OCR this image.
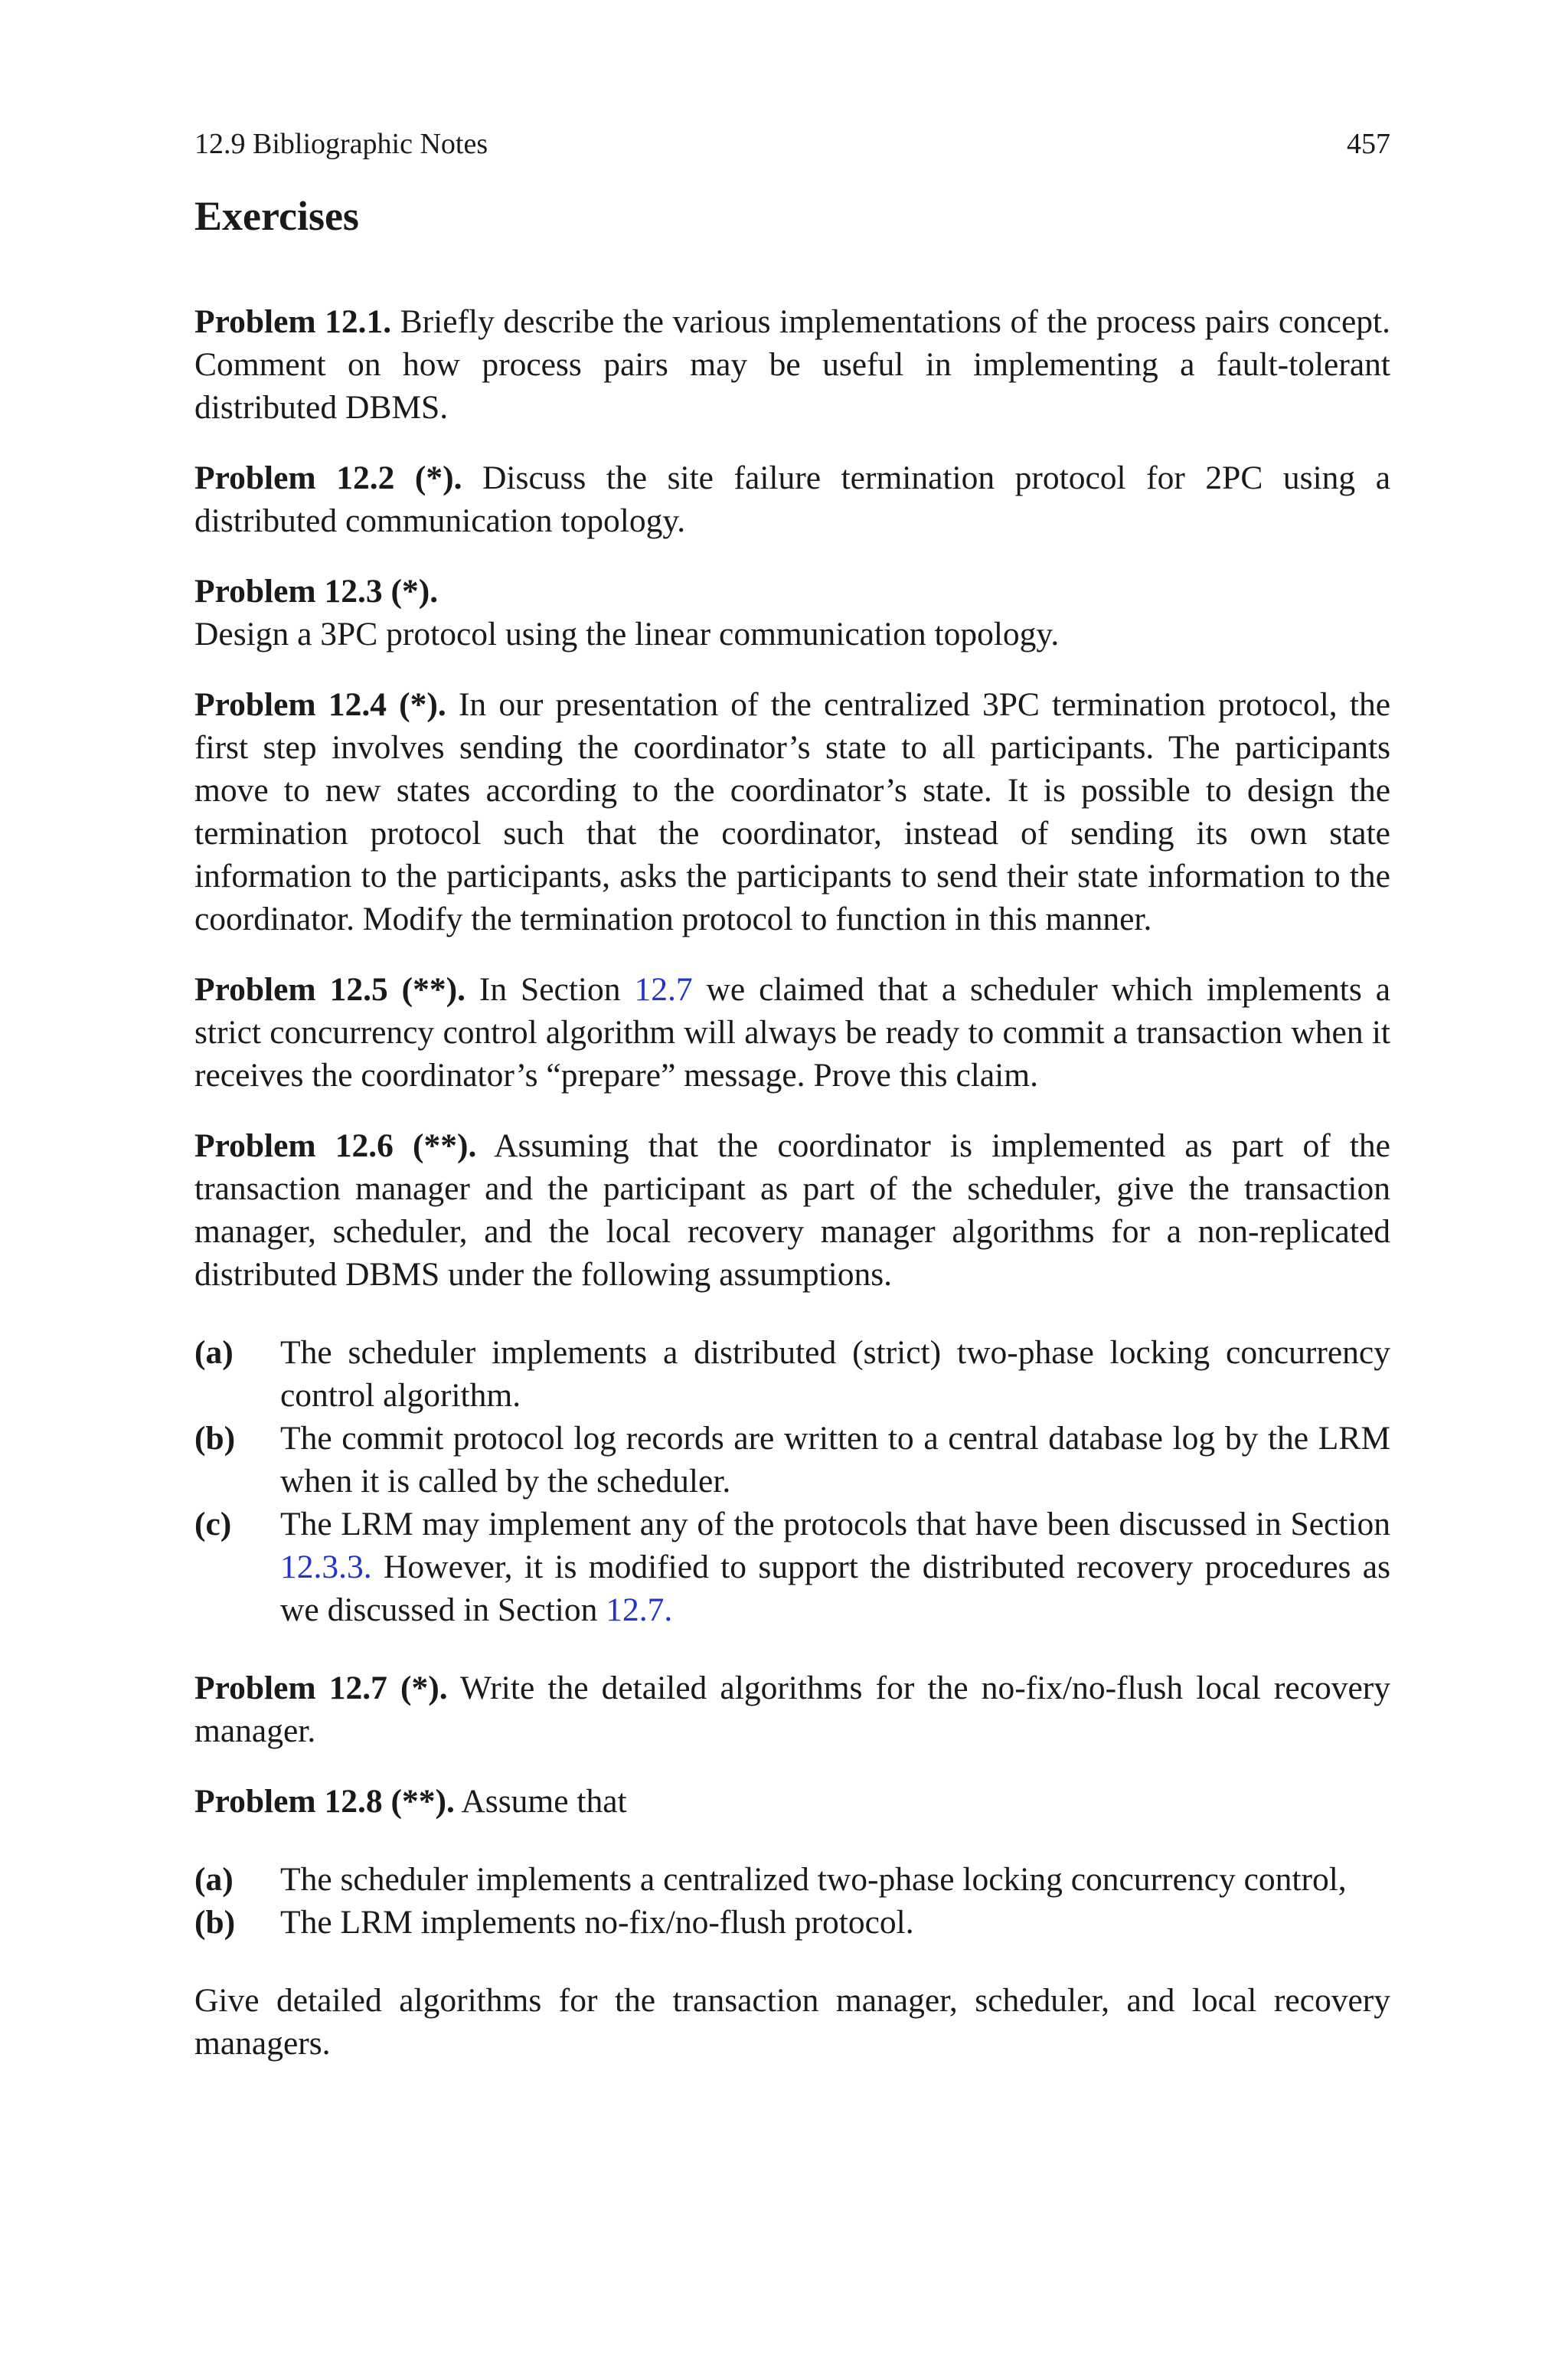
12.9 Bibliographic Notes	457
Exercises

Problem 12.1. Briefly describe the various implementations of the process pairs concept. Comment on how process pairs may be useful in implementing a fault-tolerant distributed DBMS.

Problem 12.2 (*). Discuss the site failure termination protocol for 2PC using a distributed communication topology.

Problem 12.3 (*).
Design a 3PC protocol using the linear communication topology.

Problem 12.4 (*). In our presentation of the centralized 3PC termination protocol, the first step involves sending the coordinator’s state to all participants. The participants move to new states according to the coordinator’s state. It is possible to design the termination protocol such that the coordinator, instead of sending its own state information to the participants, asks the participants to send their state information to the coordinator. Modify the termination protocol to function in this manner.

Problem 12.5 (**). In Section 12.7 we claimed that a scheduler which implements a strict concurrency control algorithm will always be ready to commit a transaction when it receives the coordinator’s “prepare” message. Prove this claim.

Problem 12.6 (**). Assuming that the coordinator is implemented as part of the transaction manager and the participant as part of the scheduler, give the transaction manager, scheduler, and the local recovery manager algorithms for a non-replicated distributed DBMS under the following assumptions.

(a) The scheduler implements a distributed (strict) two-phase locking concurrency control algorithm.
(b) The commit protocol log records are written to a central database log by the LRM when it is called by the scheduler.
(c) The LRM may implement any of the protocols that have been discussed in Section 12.3.3. However, it is modified to support the distributed recovery procedures as we discussed in Section 12.7.

Problem 12.7 (*). Write the detailed algorithms for the no-fix/no-flush local recovery manager.

Problem 12.8 (**). Assume that

(a) The scheduler implements a centralized two-phase locking concurrency control,
(b) The LRM implements no-fix/no-flush protocol.

Give detailed algorithms for the transaction manager, scheduler, and local recovery managers.
